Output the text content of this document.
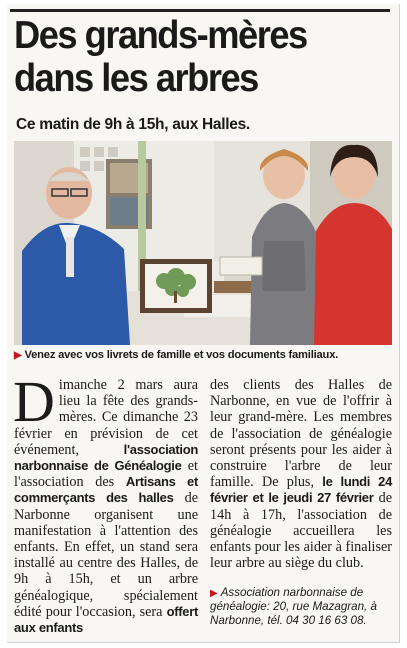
Des grands-mères
dans les arbres
Ce matin de 9h à 15h, aux Halles.
▶ Venez avec vos livrets de famille et vos documents familiaux.
Dimanche 2 mars aura lieu la fête des grands-mères. Ce dimanche 23 février en prévision de cet événement, l'association narbonnaise de Généalogie et l'association des Artisans et commerçants des halles de Narbonne organisent une manifestation à l'attention des enfants. En effet, un stand sera installé au centre des Halles, de 9h à 15h, et un arbre généalogique, spécialement édité pour l'occasion, sera offert aux enfants
des clients des Halles de Narbonne, en vue de l'offrir à leur grand-mère. Les membres de l'association de généalogie seront présents pour les aider à construire l'arbre de leur famille. De plus, le lundi 24 février et le jeudi 27 février de 14h à 17h, l'association de généalogie accueillera les enfants pour les aider à finaliser leur arbre au siège du club.
▶ Association narbonnaise de généalogie: 20, rue Mazagran, à Narbonne, tél. 04 30 16 63 08.
